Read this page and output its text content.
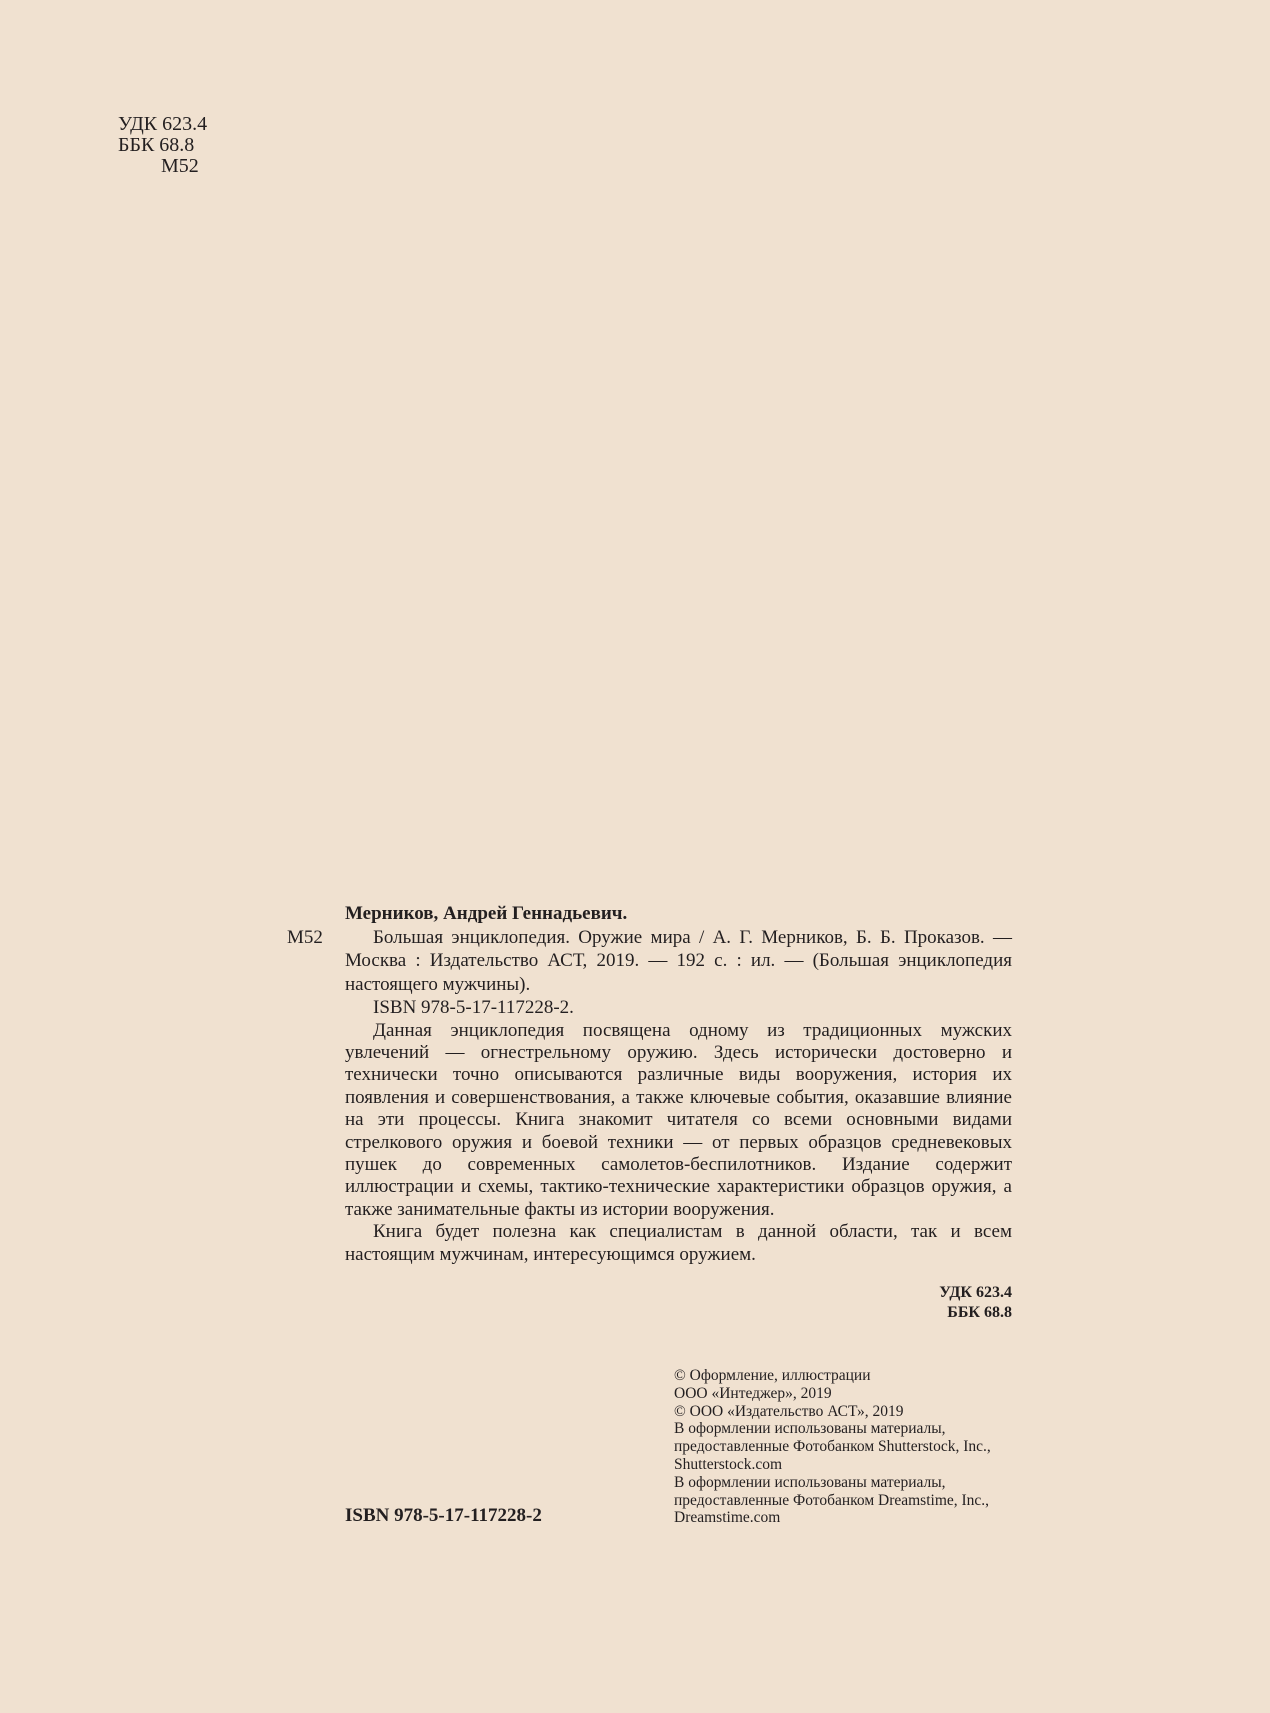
УДК 623.4
ББК 68.8
М52
М52

Мерников, Андрей Геннадьевич.

Большая энциклопедия. Оружие мира / А. Г. Мерников, Б. Б. Проказов. — Москва : Издательство АСТ, 2019. — 192 с. : ил. — (Большая энциклопедия настоящего мужчины).

ISBN 978-5-17-117228-2.

Данная энциклопедия посвящена одному из традиционных мужских увлечений — огнестрельному оружию. Здесь исторически достоверно и технически точно описываются различные виды вооружения, история их появления и совершенствования, а также ключевые события, оказавшие влияние на эти процессы. Книга знакомит читателя со всеми основными видами стрелкового оружия и боевой техники — от первых образцов средневековых пушек до современных самолетов-беспилотников. Издание содержит иллюстрации и схемы, тактико-технические характеристики образцов оружия, а также занимательные факты из истории вооружения.

Книга будет полезна как специалистам в данной области, так и всем настоящим мужчинам, интересующимся оружием.

УДК 623.4
ББК 68.8
© Оформление, иллюстрации
ООО «Интеджер», 2019
© ООО «Издательство АСТ», 2019
В оформлении использованы материалы,
предоставленные Фотобанком Shutterstock, Inc.,
Shutterstock.com
В оформлении использованы материалы,
предоставленные Фотобанком Dreamstime, Inc.,
Dreamstime.com
ISBN 978-5-17-117228-2
